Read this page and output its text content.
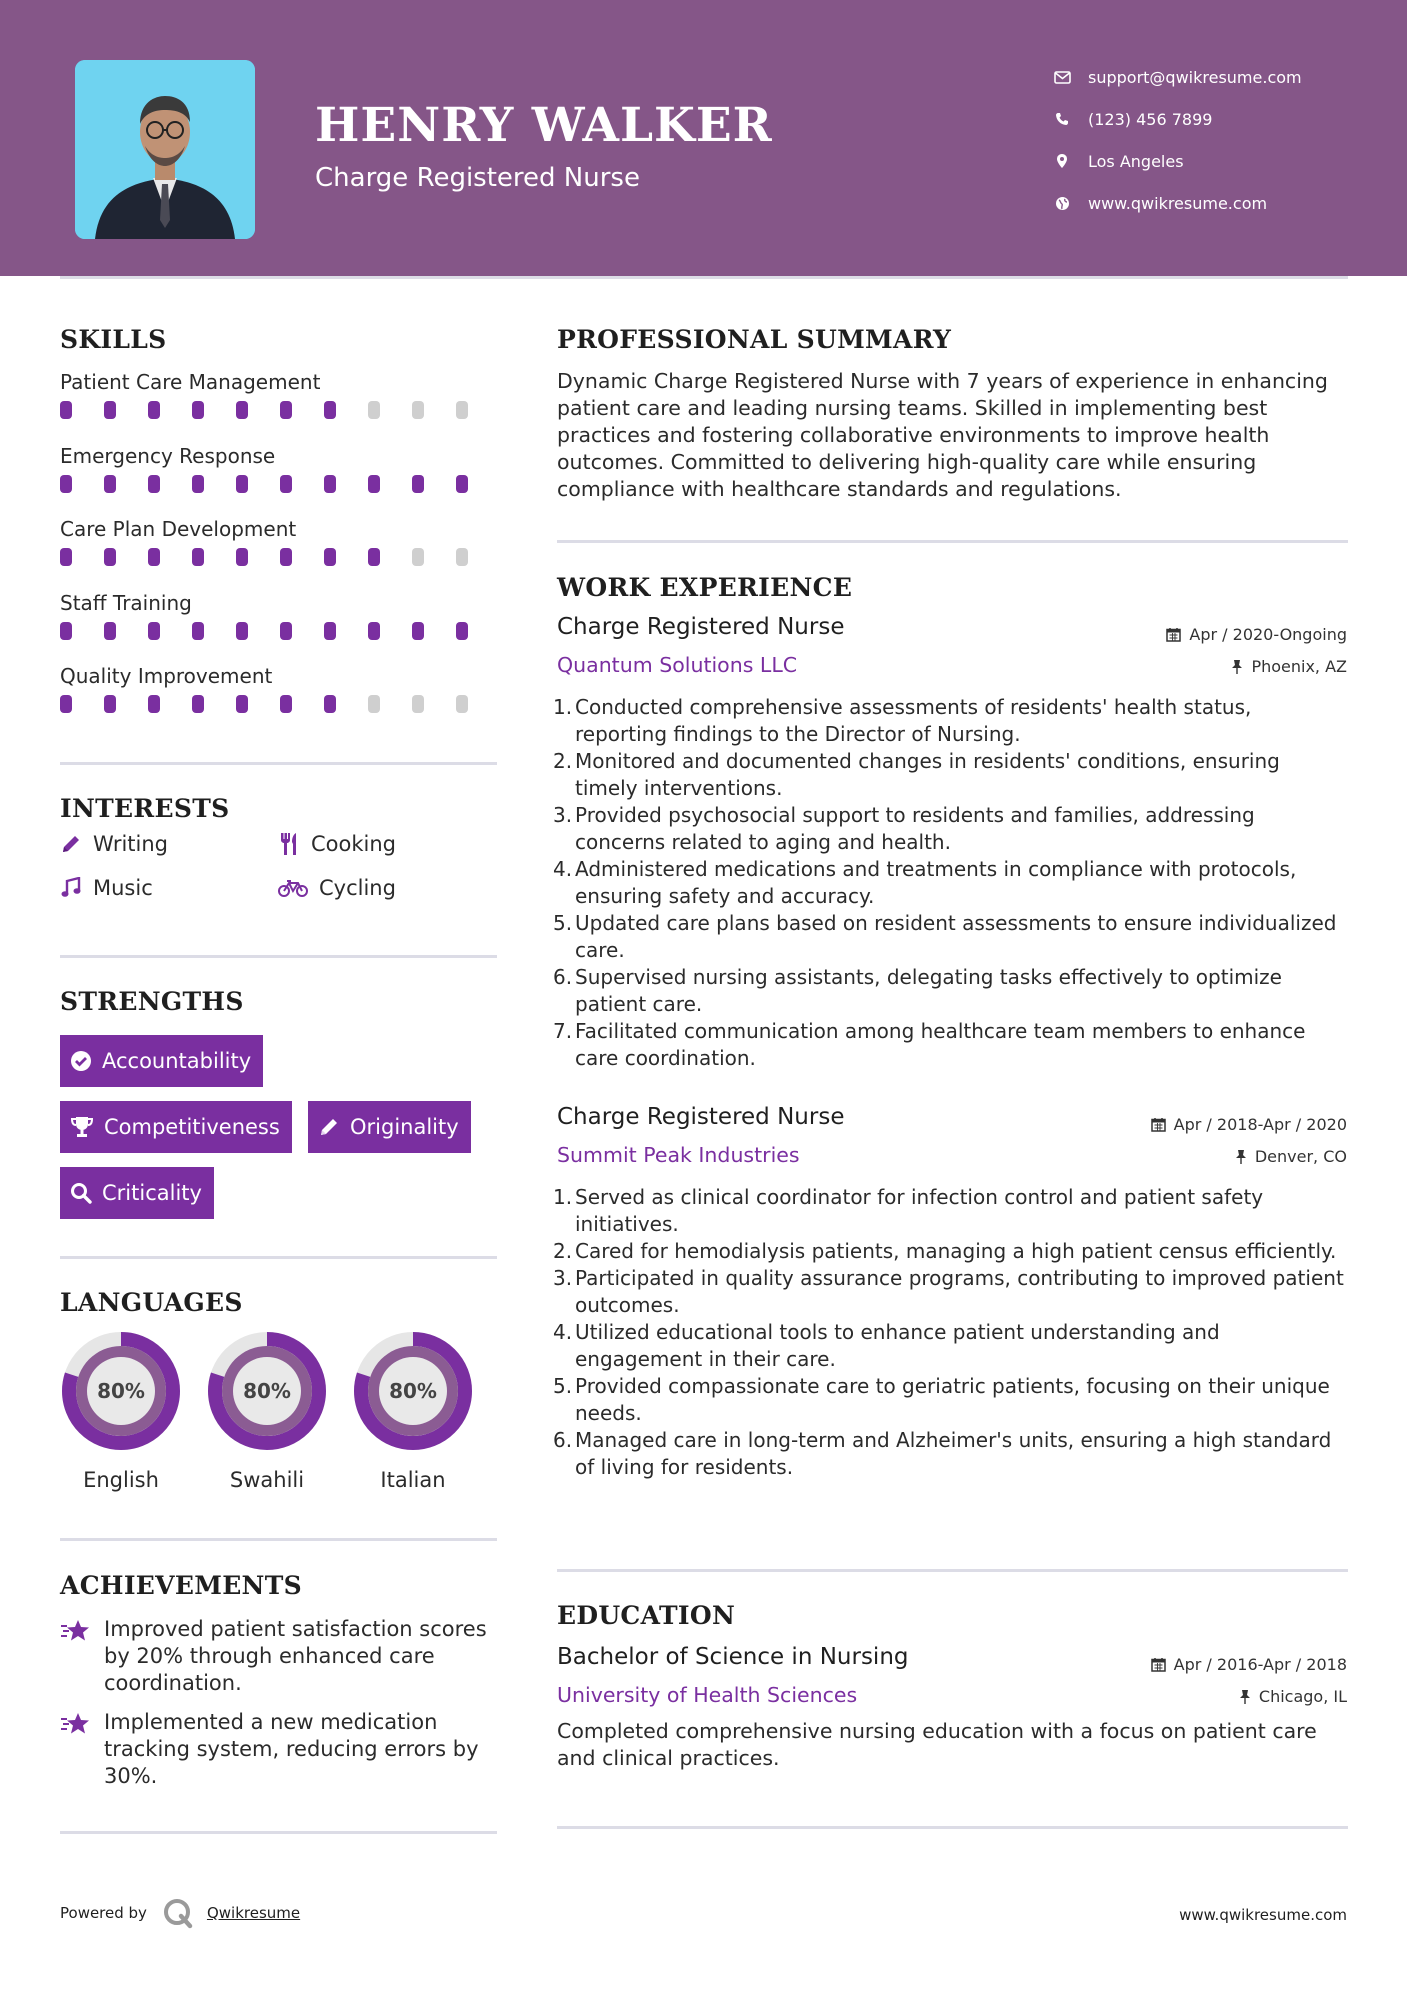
HENRY WALKER
Charge Registered Nurse
support@qwikresume.com
(123) 456 7899
Los Angeles
www.qwikresume.com
SKILLS
Patient Care Management
Emergency Response
Care Plan Development
Staff Training
Quality Improvement
INTERESTS
Writing	Cooking
Music	Cycling
STRENGTHS
Accountability
Competitiveness	Originality
Criticality
LANGUAGES
80%
English
80%
Swahili
80%
Italian
ACHIEVEMENTS
Improved patient satisfaction scores by 20% through enhanced care coordination.
Implemented a new medication tracking system, reducing errors by 30%.
PROFESSIONAL SUMMARY
Dynamic Charge Registered Nurse with 7 years of experience in enhancing patient care and leading nursing teams. Skilled in implementing best practices and fostering collaborative environments to improve health outcomes. Committed to delivering high-quality care while ensuring compliance with healthcare standards and regulations.
WORK EXPERIENCE
Charge Registered Nurse	Apr / 2020-Ongoing
Quantum Solutions LLC	Phoenix, AZ
1. Conducted comprehensive assessments of residents' health status, reporting findings to the Director of Nursing.
2. Monitored and documented changes in residents' conditions, ensuring timely interventions.
3. Provided psychosocial support to residents and families, addressing concerns related to aging and health.
4. Administered medications and treatments in compliance with protocols, ensuring safety and accuracy.
5. Updated care plans based on resident assessments to ensure individualized care.
6. Supervised nursing assistants, delegating tasks effectively to optimize patient care.
7. Facilitated communication among healthcare team members to enhance care coordination.
Charge Registered Nurse	Apr / 2018-Apr / 2020
Summit Peak Industries	Denver, CO
1. Served as clinical coordinator for infection control and patient safety initiatives.
2. Cared for hemodialysis patients, managing a high patient census efficiently.
3. Participated in quality assurance programs, contributing to improved patient outcomes.
4. Utilized educational tools to enhance patient understanding and engagement in their care.
5. Provided compassionate care to geriatric patients, focusing on their unique needs.
6. Managed care in long-term and Alzheimer's units, ensuring a high standard of living for residents.
EDUCATION
Bachelor of Science in Nursing	Apr / 2016-Apr / 2018
University of Health Sciences	Chicago, IL
Completed comprehensive nursing education with a focus on patient care and clinical practices.
Powered by	Qwikresume	www.qwikresume.com
